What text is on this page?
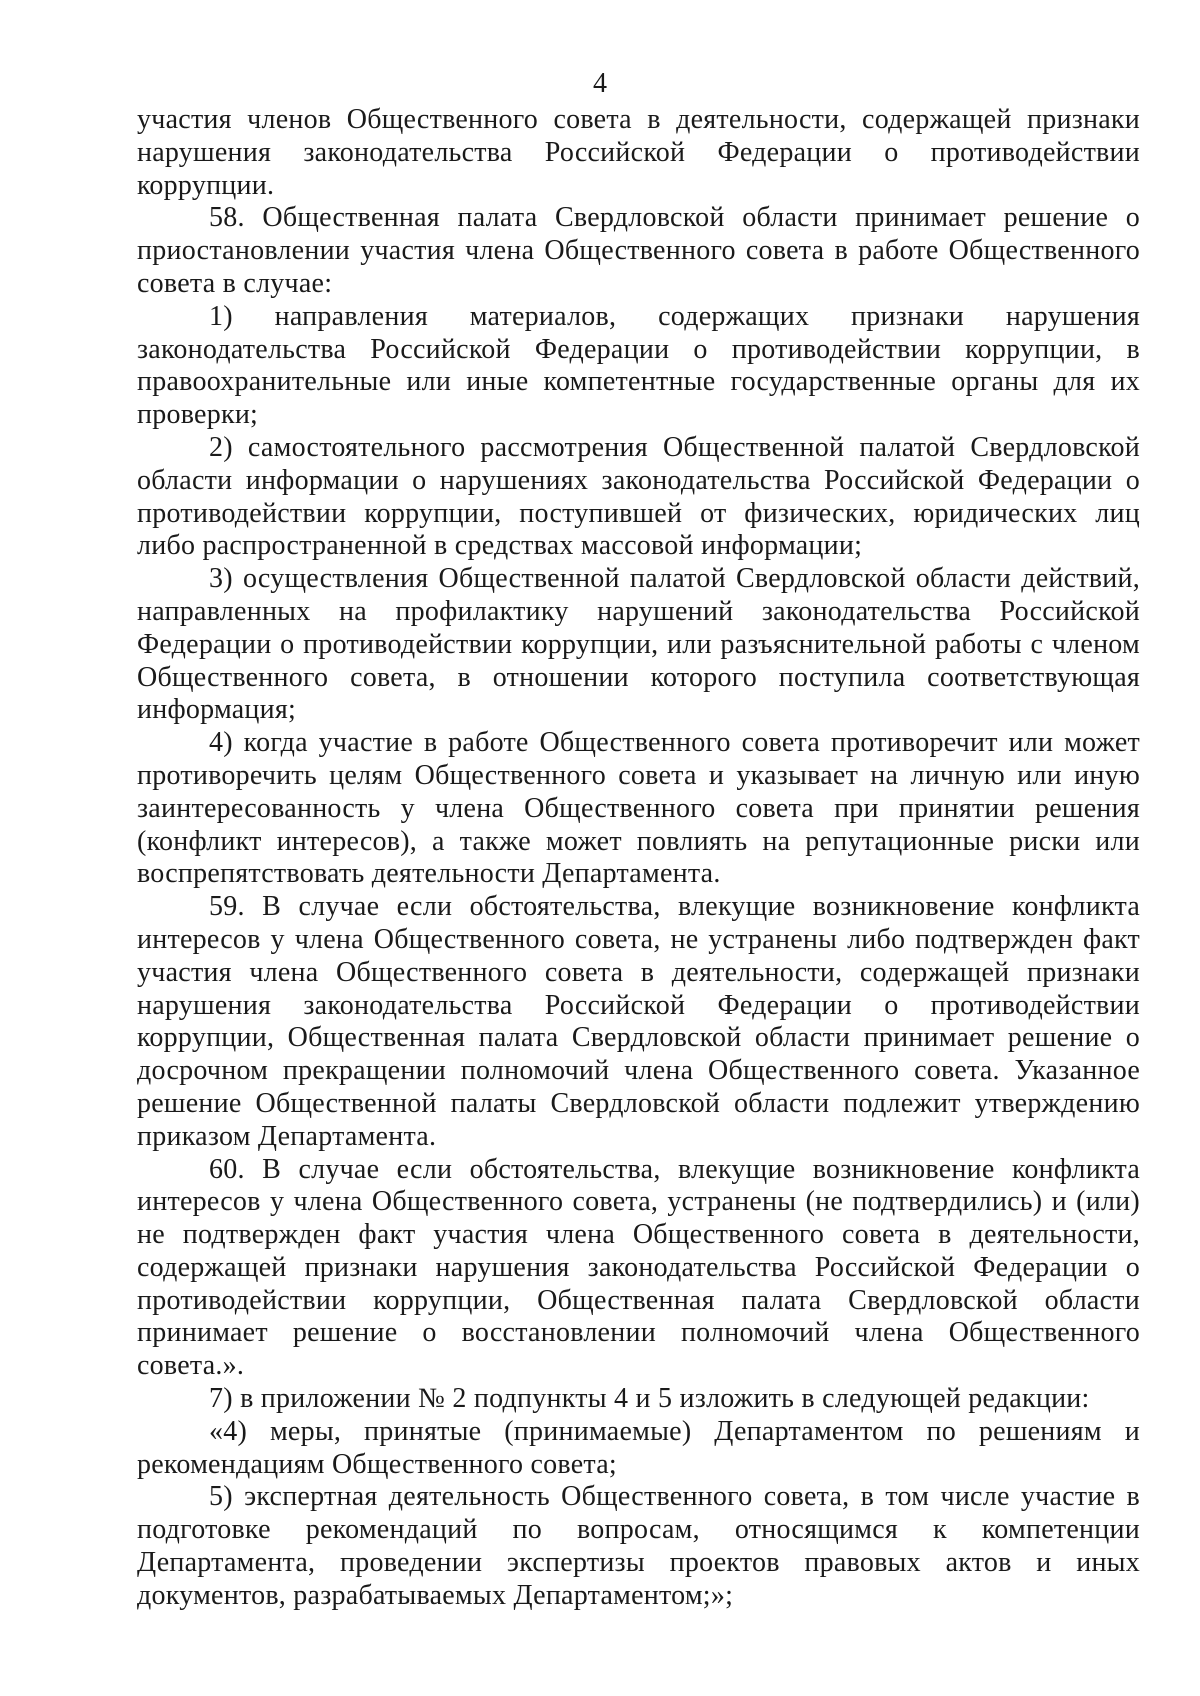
4

участия членов Общественного совета в деятельности, содержащей признаки нарушения законодательства Российской Федерации о противодействии коррупции.

58. Общественная палата Свердловской области принимает решение о приостановлении участия члена Общественного совета в работе Общественного совета в случае:

1) направления материалов, содержащих признаки нарушения законодательства Российской Федерации о противодействии коррупции, в правоохранительные или иные компетентные государственные органы для их проверки;

2) самостоятельного рассмотрения Общественной палатой Свердловской области информации о нарушениях законодательства Российской Федерации о противодействии коррупции, поступившей от физических, юридических лиц либо распространенной в средствах массовой информации;

3) осуществления Общественной палатой Свердловской области действий, направленных на профилактику нарушений законодательства Российской Федерации о противодействии коррупции, или разъяснительной работы с членом Общественного совета, в отношении которого поступила соответствующая информация;

4) когда участие в работе Общественного совета противоречит или может противоречить целям Общественного совета и указывает на личную или иную заинтересованность у члена Общественного совета при принятии решения (конфликт интересов), а также может повлиять на репутационные риски или воспрепятствовать деятельности Департамента.

59. В случае если обстоятельства, влекущие возникновение конфликта интересов у члена Общественного совета, не устранены либо подтвержден факт участия члена Общественного совета в деятельности, содержащей признаки нарушения законодательства Российской Федерации о противодействии коррупции, Общественная палата Свердловской области принимает решение о досрочном прекращении полномочий члена Общественного совета. Указанное решение Общественной палаты Свердловской области подлежит утверждению приказом Департамента.

60. В случае если обстоятельства, влекущие возникновение конфликта интересов у члена Общественного совета, устранены (не подтвердились) и (или) не подтвержден факт участия члена Общественного совета в деятельности, содержащей признаки нарушения законодательства Российской Федерации о противодействии коррупции, Общественная палата Свердловской области принимает решение о восстановлении полномочий члена Общественного совета.».

7) в приложении № 2 подпункты 4 и 5 изложить в следующей редакции:

«4) меры, принятые (принимаемые) Департаментом по решениям и рекомендациям Общественного совета;

5) экспертная деятельность Общественного совета, в том числе участие в подготовке рекомендаций по вопросам, относящимся к компетенции Департамента, проведении экспертизы проектов правовых актов и иных документов, разрабатываемых Департаментом;»;
